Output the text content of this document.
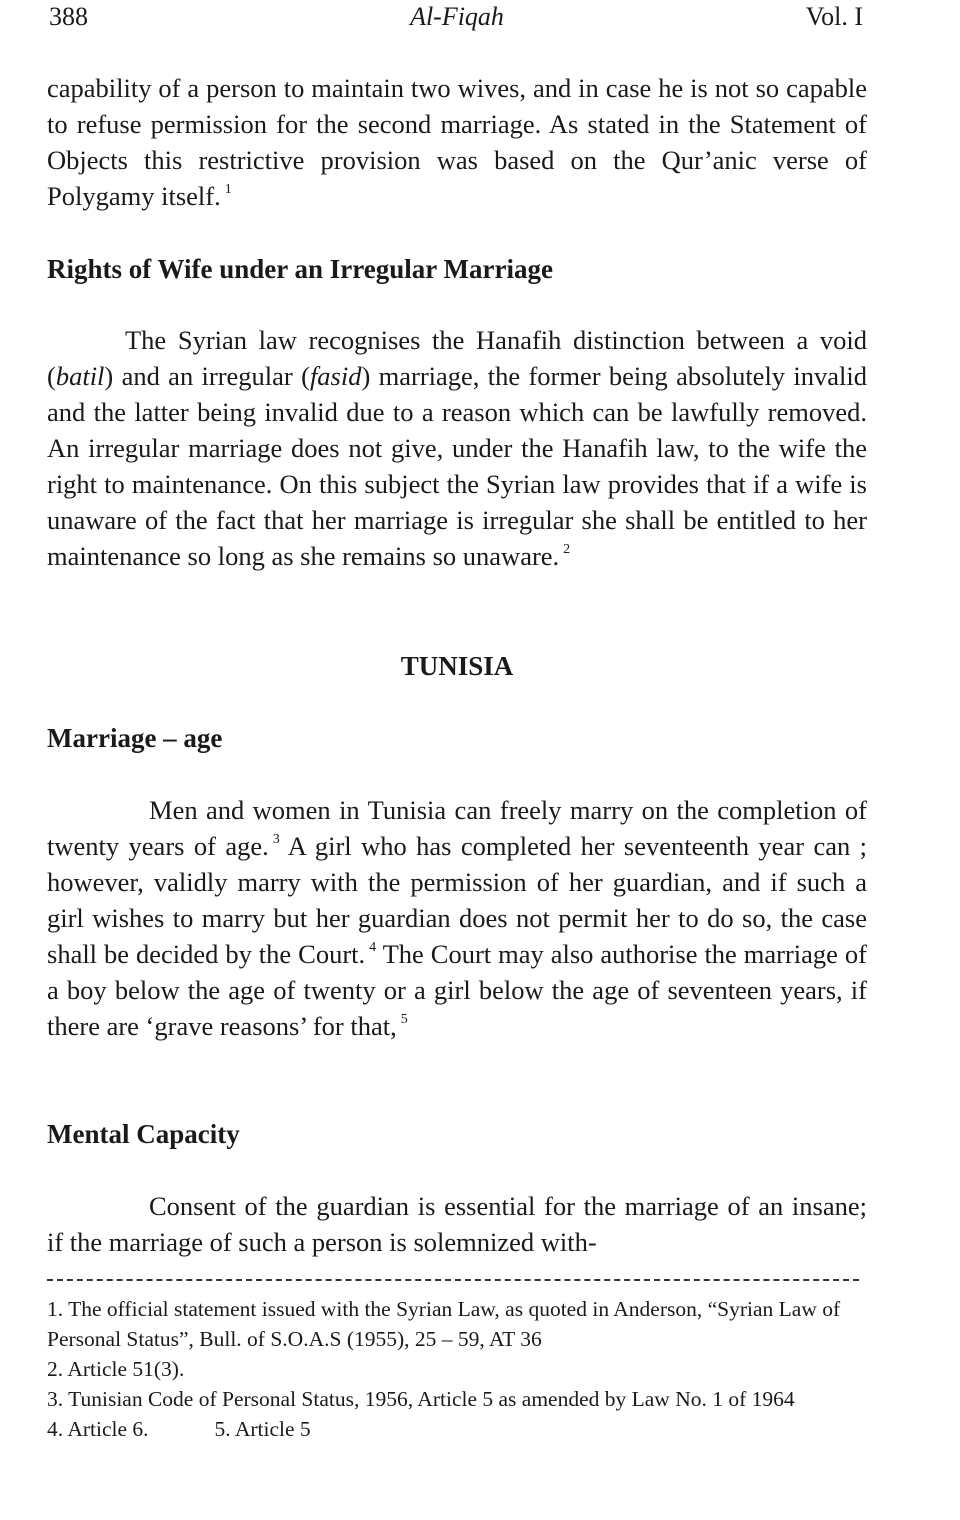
388	Al-Fiqah	Vol. I

capability of a person to maintain two wives, and in case he is not so capable to refuse permission for the second marriage. As stated in the Statement of Objects this restrictive provision was based on the Qur’anic verse of Polygamy itself. $^1$

Rights of Wife under an Irregular Marriage

The Syrian law recognises the Hanafih distinction between a void (batil) and an irregular (fasid) marriage, the former being absolutely invalid and the latter being invalid due to a reason which can be lawfully removed. An irregular marriage does not give, under the Hanafih law, to the wife the right to maintenance. On this subject the Syrian law provides that if a wife is unaware of the fact that her marriage is irregular she shall be entitled to her maintenance so long as she remains so unaware. $^2$

TUNISIA
Marriage – age

Men and women in Tunisia can freely marry on the completion of twenty years of age. $^3$ A girl who has completed her seventeenth year can ; however, validly marry with the permission of her guardian, and if such a girl wishes to marry but her guardian does not permit her to do so, the case shall be decided by the Court. $^4$ The Court may also authorise the marriage of a boy below the age of twenty or a girl below the age of seventeen years, if there are ‘grave reasons’ for that, $^5$

Mental Capacity

Consent of the guardian is essential for the marriage of an insane; if the marriage of such a person is solemnized with-

1. The official statement issued with the Syrian Law, as quoted in Anderson, “Syrian Law of Personal Status”, Bull. of S.O.A.S (1955), 25 – 59, AT 36

2. Article 51(3).

3. Tunisian Code of Personal Status, 1956, Article 5 as amended by Law No. 1 of 1964

4. Article 6.	5. Article 5
